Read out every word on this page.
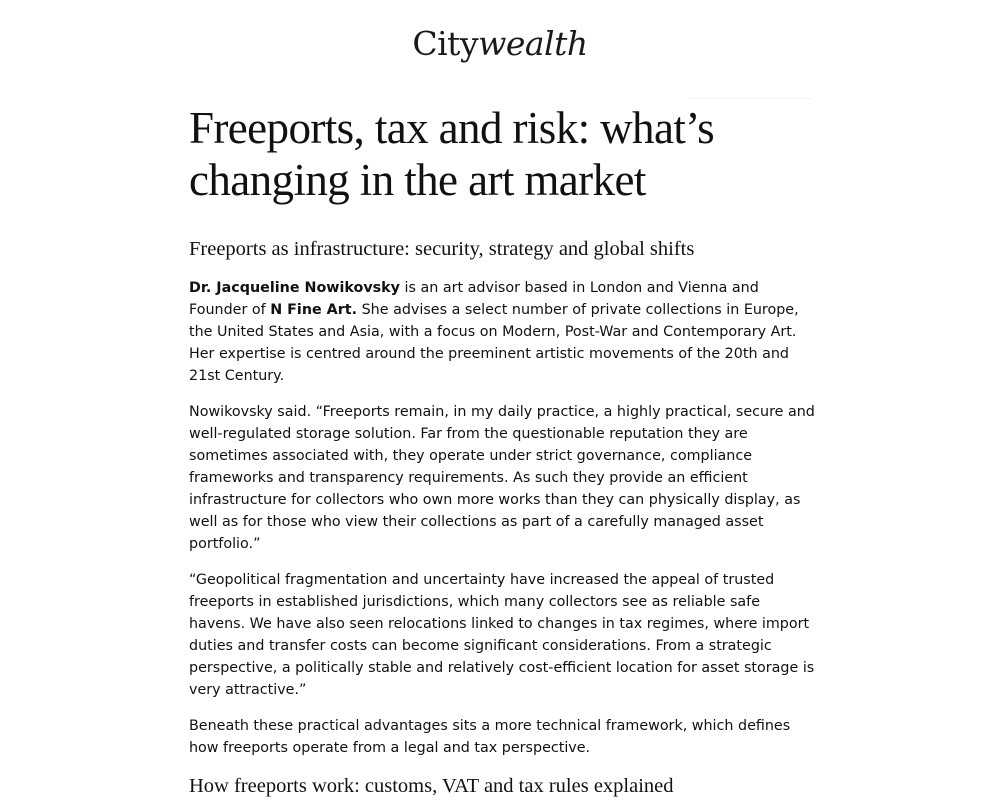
Citywealth
Freeports, tax and risk: what’s changing in the art market
Freeports as infrastructure: security, strategy and global shifts

Dr. Jacqueline Nowikovsky is an art advisor based in London and Vienna and Founder of N Fine Art. She advises a select number of private collections in Europe, the United States and Asia, with a focus on Modern, Post-War and Contemporary Art. Her expertise is centred around the preeminent artistic movements of the 20th and 21st Century.

Nowikovsky said. “Freeports remain, in my daily practice, a highly practical, secure and well-regulated storage solution. Far from the questionable reputation they are sometimes associated with, they operate under strict governance, compliance frameworks and transparency requirements. As such they provide an efficient infrastructure for collectors who own more works than they can physically display, as well as for those who view their collections as part of a carefully managed asset portfolio.”

“Geopolitical fragmentation and uncertainty have increased the appeal of trusted freeports in established jurisdictions, which many collectors see as reliable safe havens. We have also seen relocations linked to changes in tax regimes, where import duties and transfer costs can become significant considerations. From a strategic perspective, a politically stable and relatively cost-efficient location for asset storage is very attractive.”

Beneath these practical advantages sits a more technical framework, which defines how freeports operate from a legal and tax perspective.

How freeports work: customs, VAT and tax rules explained
